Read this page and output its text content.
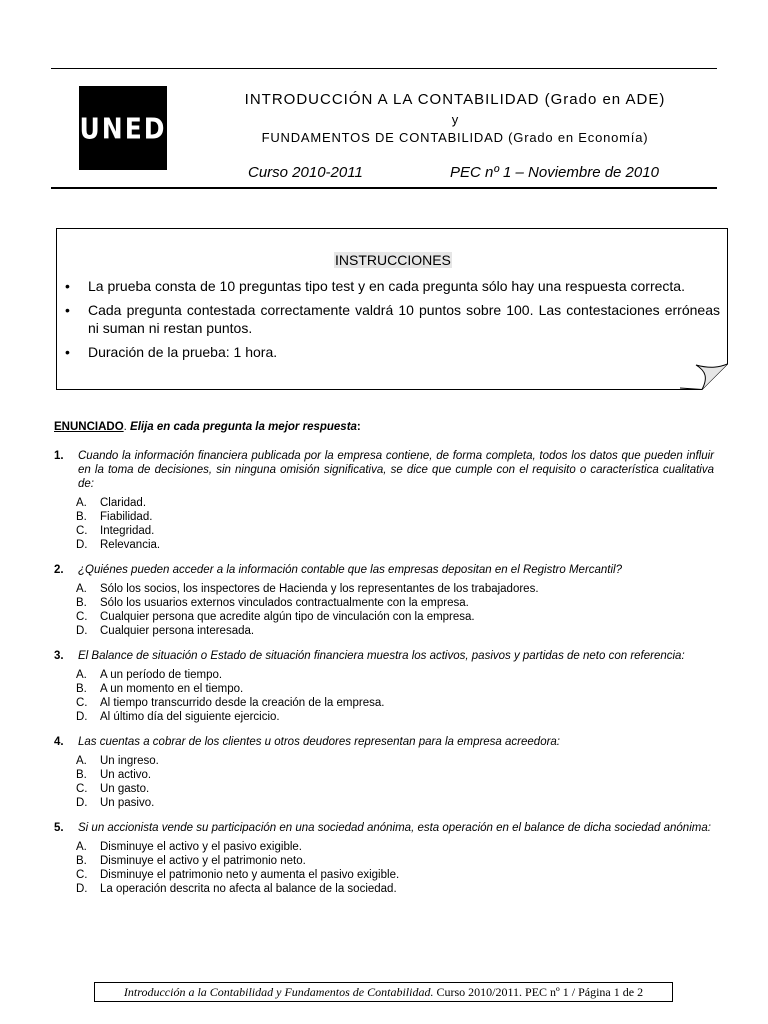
UNED
INTRODUCCIÓN A LA CONTABILIDAD (Grado en ADE)
y
FUNDAMENTOS DE CONTABILIDAD (Grado en Economía)
Curso 2010-2011	PEC nº 1 – Noviembre de 2010
INSTRUCCIONES
• La prueba consta de 10 preguntas tipo test y en cada pregunta sólo hay una respuesta correcta.
• Cada pregunta contestada correctamente valdrá 10 puntos sobre 100. Las contestaciones erróneas ni suman ni restan puntos.
• Duración de la prueba: 1 hora.
ENUNCIADO. Elija en cada pregunta la mejor respuesta:
1. Cuando la información financiera publicada por la empresa contiene, de forma completa, todos los datos que pueden influir en la toma de decisiones, sin ninguna omisión significativa, se dice que cumple con el requisito o característica cualitativa de:
A. Claridad.
B. Fiabilidad.
C. Integridad.
D. Relevancia.
2. ¿Quiénes pueden acceder a la información contable que las empresas depositan en el Registro Mercantil?
A. Sólo los socios, los inspectores de Hacienda y los representantes de los trabajadores.
B. Sólo los usuarios externos vinculados contractualmente con la empresa.
C. Cualquier persona que acredite algún tipo de vinculación con la empresa.
D. Cualquier persona interesada.
3. El Balance de situación o Estado de situación financiera muestra los activos, pasivos y partidas de neto con referencia:
A. A un período de tiempo.
B. A un momento en el tiempo.
C. Al tiempo transcurrido desde la creación de la empresa.
D. Al último día del siguiente ejercicio.
4. Las cuentas a cobrar de los clientes u otros deudores representan para la empresa acreedora:
A. Un ingreso.
B. Un activo.
C. Un gasto.
D. Un pasivo.
5. Si un accionista vende su participación en una sociedad anónima, esta operación en el balance de dicha sociedad anónima:
A. Disminuye el activo y el pasivo exigible.
B. Disminuye el activo y el patrimonio neto.
C. Disminuye el patrimonio neto y aumenta el pasivo exigible.
D. La operación descrita no afecta al balance de la sociedad.
Introducción a la Contabilidad y Fundamentos de Contabilidad. Curso 2010/2011. PEC nº 1 / Página 1 de 2
